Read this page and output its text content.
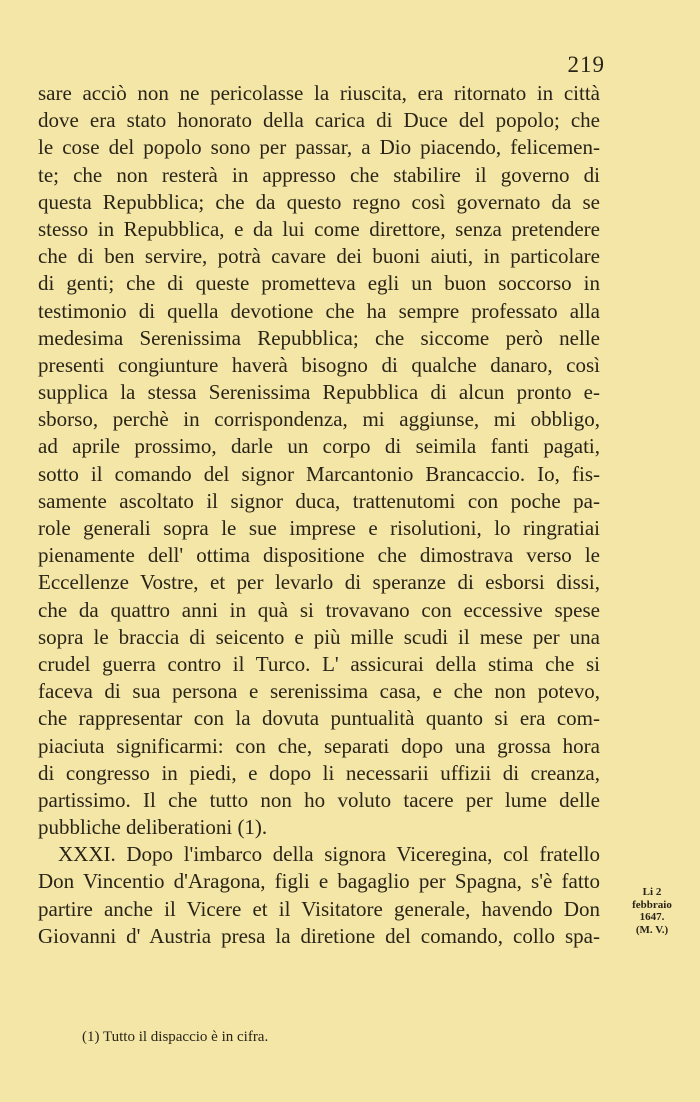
219
sare acciò non ne pericolasse la riuscita, era ritornato in città
dove era stato honorato della carica di Duce del popolo; che
le cose del popolo sono per passar, a Dio piacendo, felicemen-
te; che non resterà in appresso che stabilire il governo di
questa Repubblica; che da questo regno così governato da se
stesso in Repubblica, e da lui come direttore, senza pretendere
che di ben servire, potrà cavare dei buoni aiuti, in particolare
di genti; che di queste prometteva egli un buon soccorso in
testimonio di quella devotione che ha sempre professato alla
medesima Serenissima Repubblica; che siccome però nelle
presenti congiunture haverà bisogno di qualche danaro, così
supplica la stessa Serenissima Repubblica di alcun pronto e-
sborso, perchè in corrispondenza, mi aggiunse, mi obbligo,
ad aprile prossimo, darle un corpo di seimila fanti pagati,
sotto il comando del signor Marcantonio Brancaccio. Io, fis-
samente ascoltato il signor duca, trattenutomi con poche pa-
role generali sopra le sue imprese e risolutioni, lo ringratiai
pienamente dell' ottima dispositione che dimostrava verso le
Eccellenze Vostre, et per levarlo di speranze di esborsi dissi,
che da quattro anni in quà si trovavano con eccessive spese
sopra le braccia di seicento e più mille scudi il mese per una
crudel guerra contro il Turco. L' assicurai della stima che si
faceva di sua persona e serenissima casa, e che non potevo,
che rappresentar con la dovuta puntualità quanto si era com-
piaciuta significarmi: con che, separati dopo una grossa hora
di congresso in piedi, e dopo li necessarii uffizii di creanza,
partissimo. Il che tutto non ho voluto tacere per lume delle
pubbliche deliberationi (1).
XXXI. Dopo l'imbarco della signora Viceregina, col fratello
Don Vincentio d'Aragona, figli e bagaglio per Spagna, s'è fatto
partire anche il Vicere et il Visitatore generale, havendo Don
Giovanni d' Austria presa la diretione del comando, collo spa-
Li 2
febbraio
1647.
(M. V.)
(1) Tutto il dispaccio è in cifra.
